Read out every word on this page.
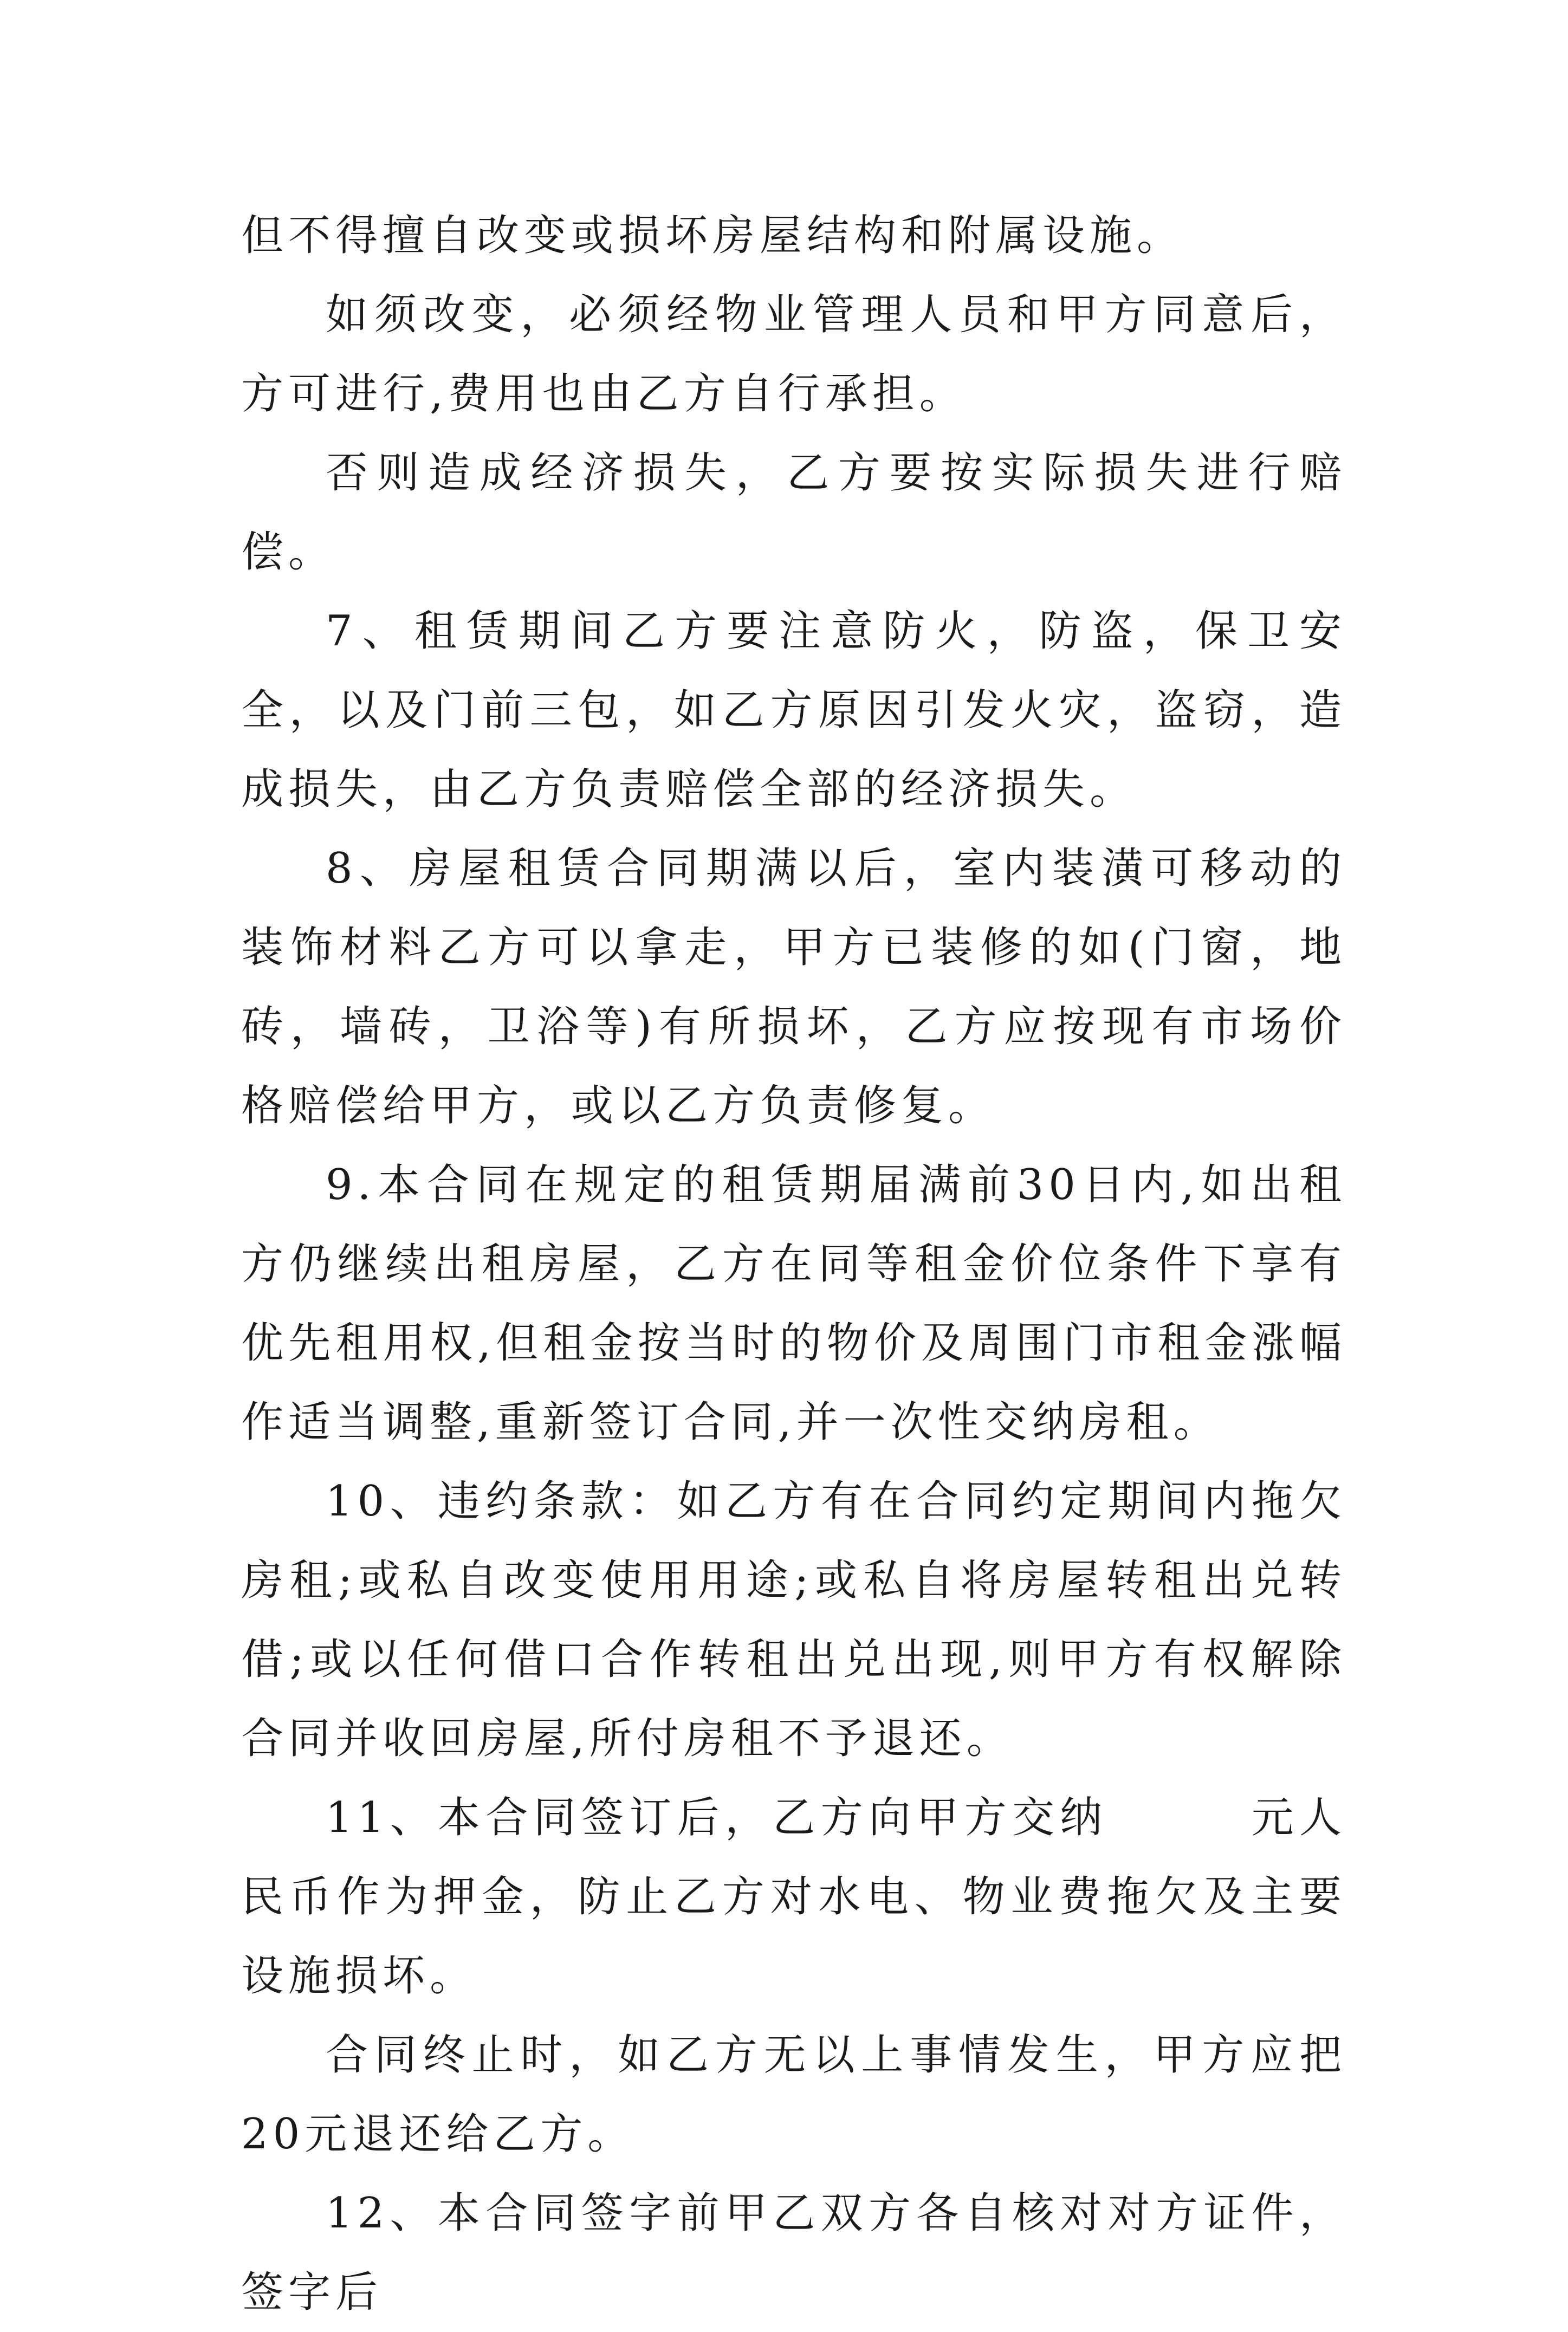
但不得擅自改变或损坏房屋结构和附属设施。

如须改变，必须经物业管理人员和甲方同意后，方可进行,费用也由乙方自行承担。

否则造成经济损失，乙方要按实际损失进行赔偿。

7、租赁期间乙方要注意防火，防盗，保卫安全，以及门前三包，如乙方原因引发火灾，盗窃，造成损失，由乙方负责赔偿全部的经济损失。

8、房屋租赁合同期满以后，室内装潢可移动的装饰材料乙方可以拿走，甲方已装修的如(门窗，地砖，墙砖，卫浴等)有所损坏，乙方应按现有市场价格赔偿给甲方，或以乙方负责修复。

9.本合同在规定的租赁期届满前30日内,如出租方仍继续出租房屋，乙方在同等租金价位条件下享有优先租用权,但租金按当时的物价及周围门市租金涨幅作适当调整,重新签订合同,并一次性交纳房租。

10、违约条款：如乙方有在合同约定期间内拖欠房租;或私自改变使用用途;或私自将房屋转租出兑转借;或以任何借口合作转租出兑出现,则甲方有权解除合同并收回房屋,所付房租不予退还。

11、本合同签订后，乙方向甲方交纳　　　元人民币作为押金，防止乙方对水电、物业费拖欠及主要设施损坏。

合同终止时，如乙方无以上事情发生，甲方应把20元退还给乙方。

12、本合同签字前甲乙双方各自核对对方证件，签字后
